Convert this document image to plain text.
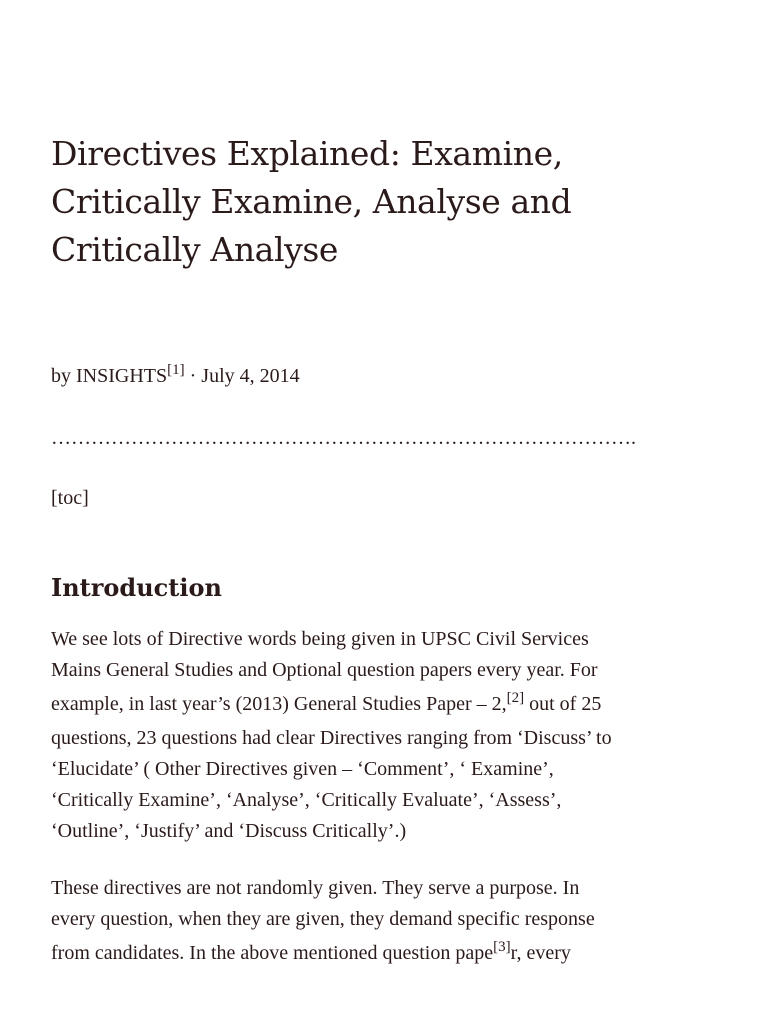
Directives Explained: Examine,
Critically Examine, Analyse and
Critically Analyse
by INSIGHTS[1] · July 4, 2014
…………………………………………………………………………….
[toc]
Introduction

We see lots of Directive words being given in UPSC Civil Services
Mains General Studies and Optional question papers every year. For
example, in last year’s (2013) General Studies Paper – 2,[2] out of 25
questions, 23 questions had clear Directives ranging from ‘Discuss’ to
‘Elucidate’ ( Other Directives given – ‘Comment’, ‘ Examine’,
‘Critically Examine’, ‘Analyse’, ‘Critically Evaluate’, ‘Assess’,
‘Outline’, ‘Justify’ and ‘Discuss Critically’.)

These directives are not randomly given. They serve a purpose. In
every question, when they are given, they demand specific response
from candidates. In the above mentioned question pape[3]r, every
